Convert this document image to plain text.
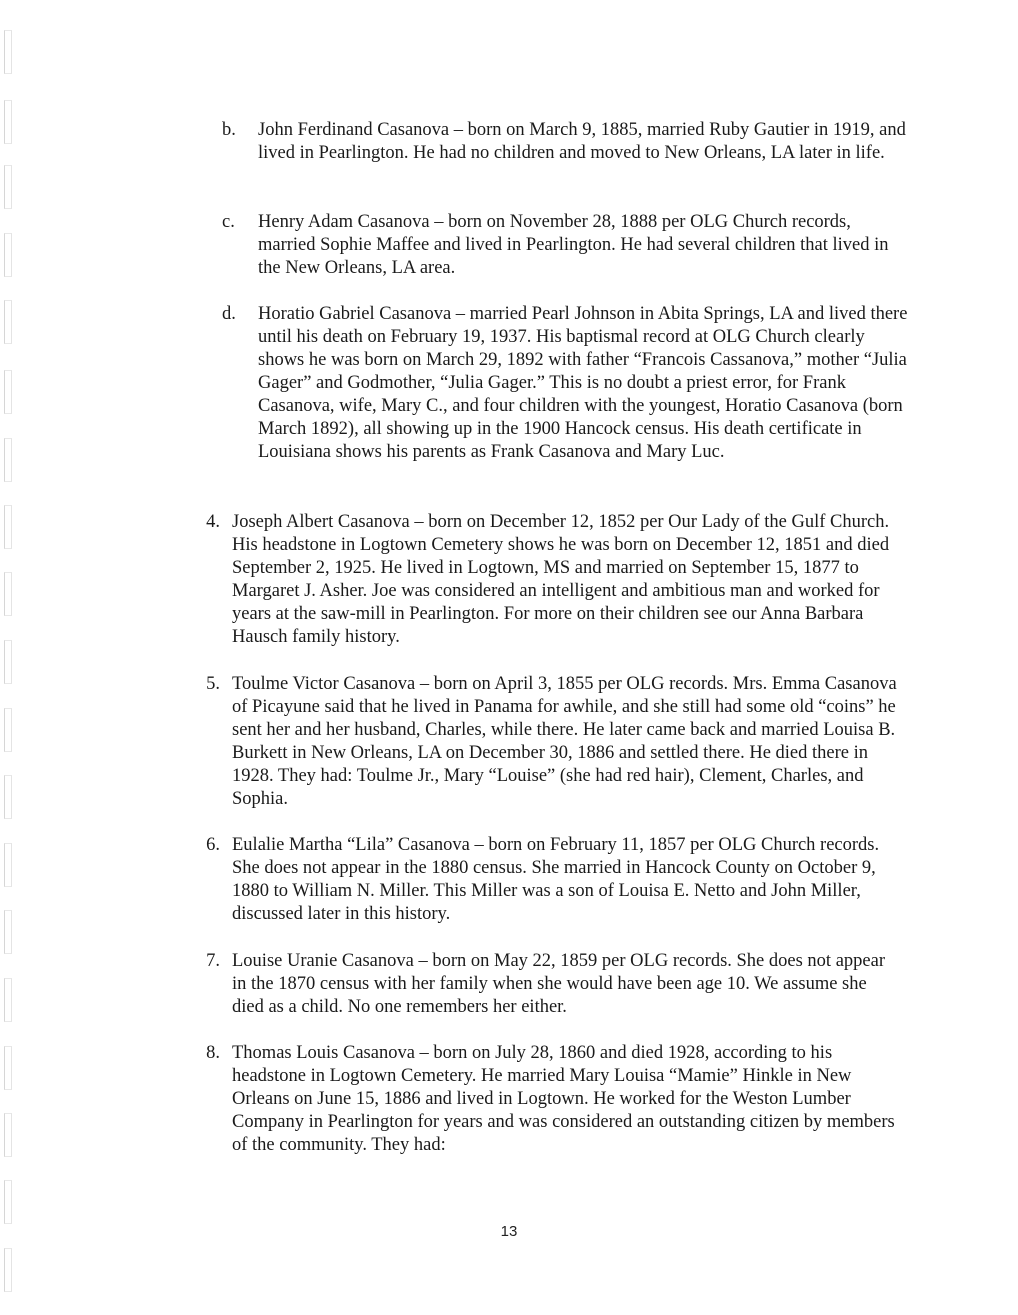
b.	John Ferdinand Casanova – born on March 9, 1885, married Ruby Gautier in 1919, and lived in Pearlington. He had no children and moved to New Orleans, LA later in life.
c.	Henry Adam Casanova – born on November 28, 1888 per OLG Church records, married Sophie Maffee and lived in Pearlington. He had several children that lived in the New Orleans, LA area.
d.	Horatio Gabriel Casanova – married Pearl Johnson in Abita Springs, LA and lived there until his death on February 19, 1937. His baptismal record at OLG Church clearly shows he was born on March 29, 1892 with father “Francois Cassanova,” mother “Julia Gager” and Godmother, “Julia Gager.” This is no doubt a priest error, for Frank Casanova, wife, Mary C., and four children with the youngest, Horatio Casanova (born March 1892), all showing up in the 1900 Hancock census. His death certificate in Louisiana shows his parents as Frank Casanova and Mary Luc.
4. Joseph Albert Casanova – born on December 12, 1852 per Our Lady of the Gulf Church. His headstone in Logtown Cemetery shows he was born on December 12, 1851 and died September 2, 1925. He lived in Logtown, MS and married on September 15, 1877 to Margaret J. Asher. Joe was considered an intelligent and ambitious man and worked for years at the saw-mill in Pearlington. For more on their children see our Anna Barbara Hausch family history.
5. Toulme Victor Casanova – born on April 3, 1855 per OLG records. Mrs. Emma Casanova of Picayune said that he lived in Panama for awhile, and she still had some old “coins” he sent her and her husband, Charles, while there. He later came back and married Louisa B. Burkett in New Orleans, LA on December 30, 1886 and settled there. He died there in 1928. They had: Toulme Jr., Mary “Louise” (she had red hair), Clement, Charles, and Sophia.
6. Eulalie Martha “Lila” Casanova – born on February 11, 1857 per OLG Church records. She does not appear in the 1880 census. She married in Hancock County on October 9, 1880 to William N. Miller. This Miller was a son of Louisa E. Netto and John Miller, discussed later in this history.
7. Louise Uranie Casanova – born on May 22, 1859 per OLG records. She does not appear in the 1870 census with her family when she would have been age 10. We assume she died as a child. No one remembers her either.
8. Thomas Louis Casanova – born on July 28, 1860 and died 1928, according to his headstone in Logtown Cemetery. He married Mary Louisa “Mamie” Hinkle in New Orleans on June 15, 1886 and lived in Logtown. He worked for the Weston Lumber Company in Pearlington for years and was considered an outstanding citizen by members of the community. They had:
13
